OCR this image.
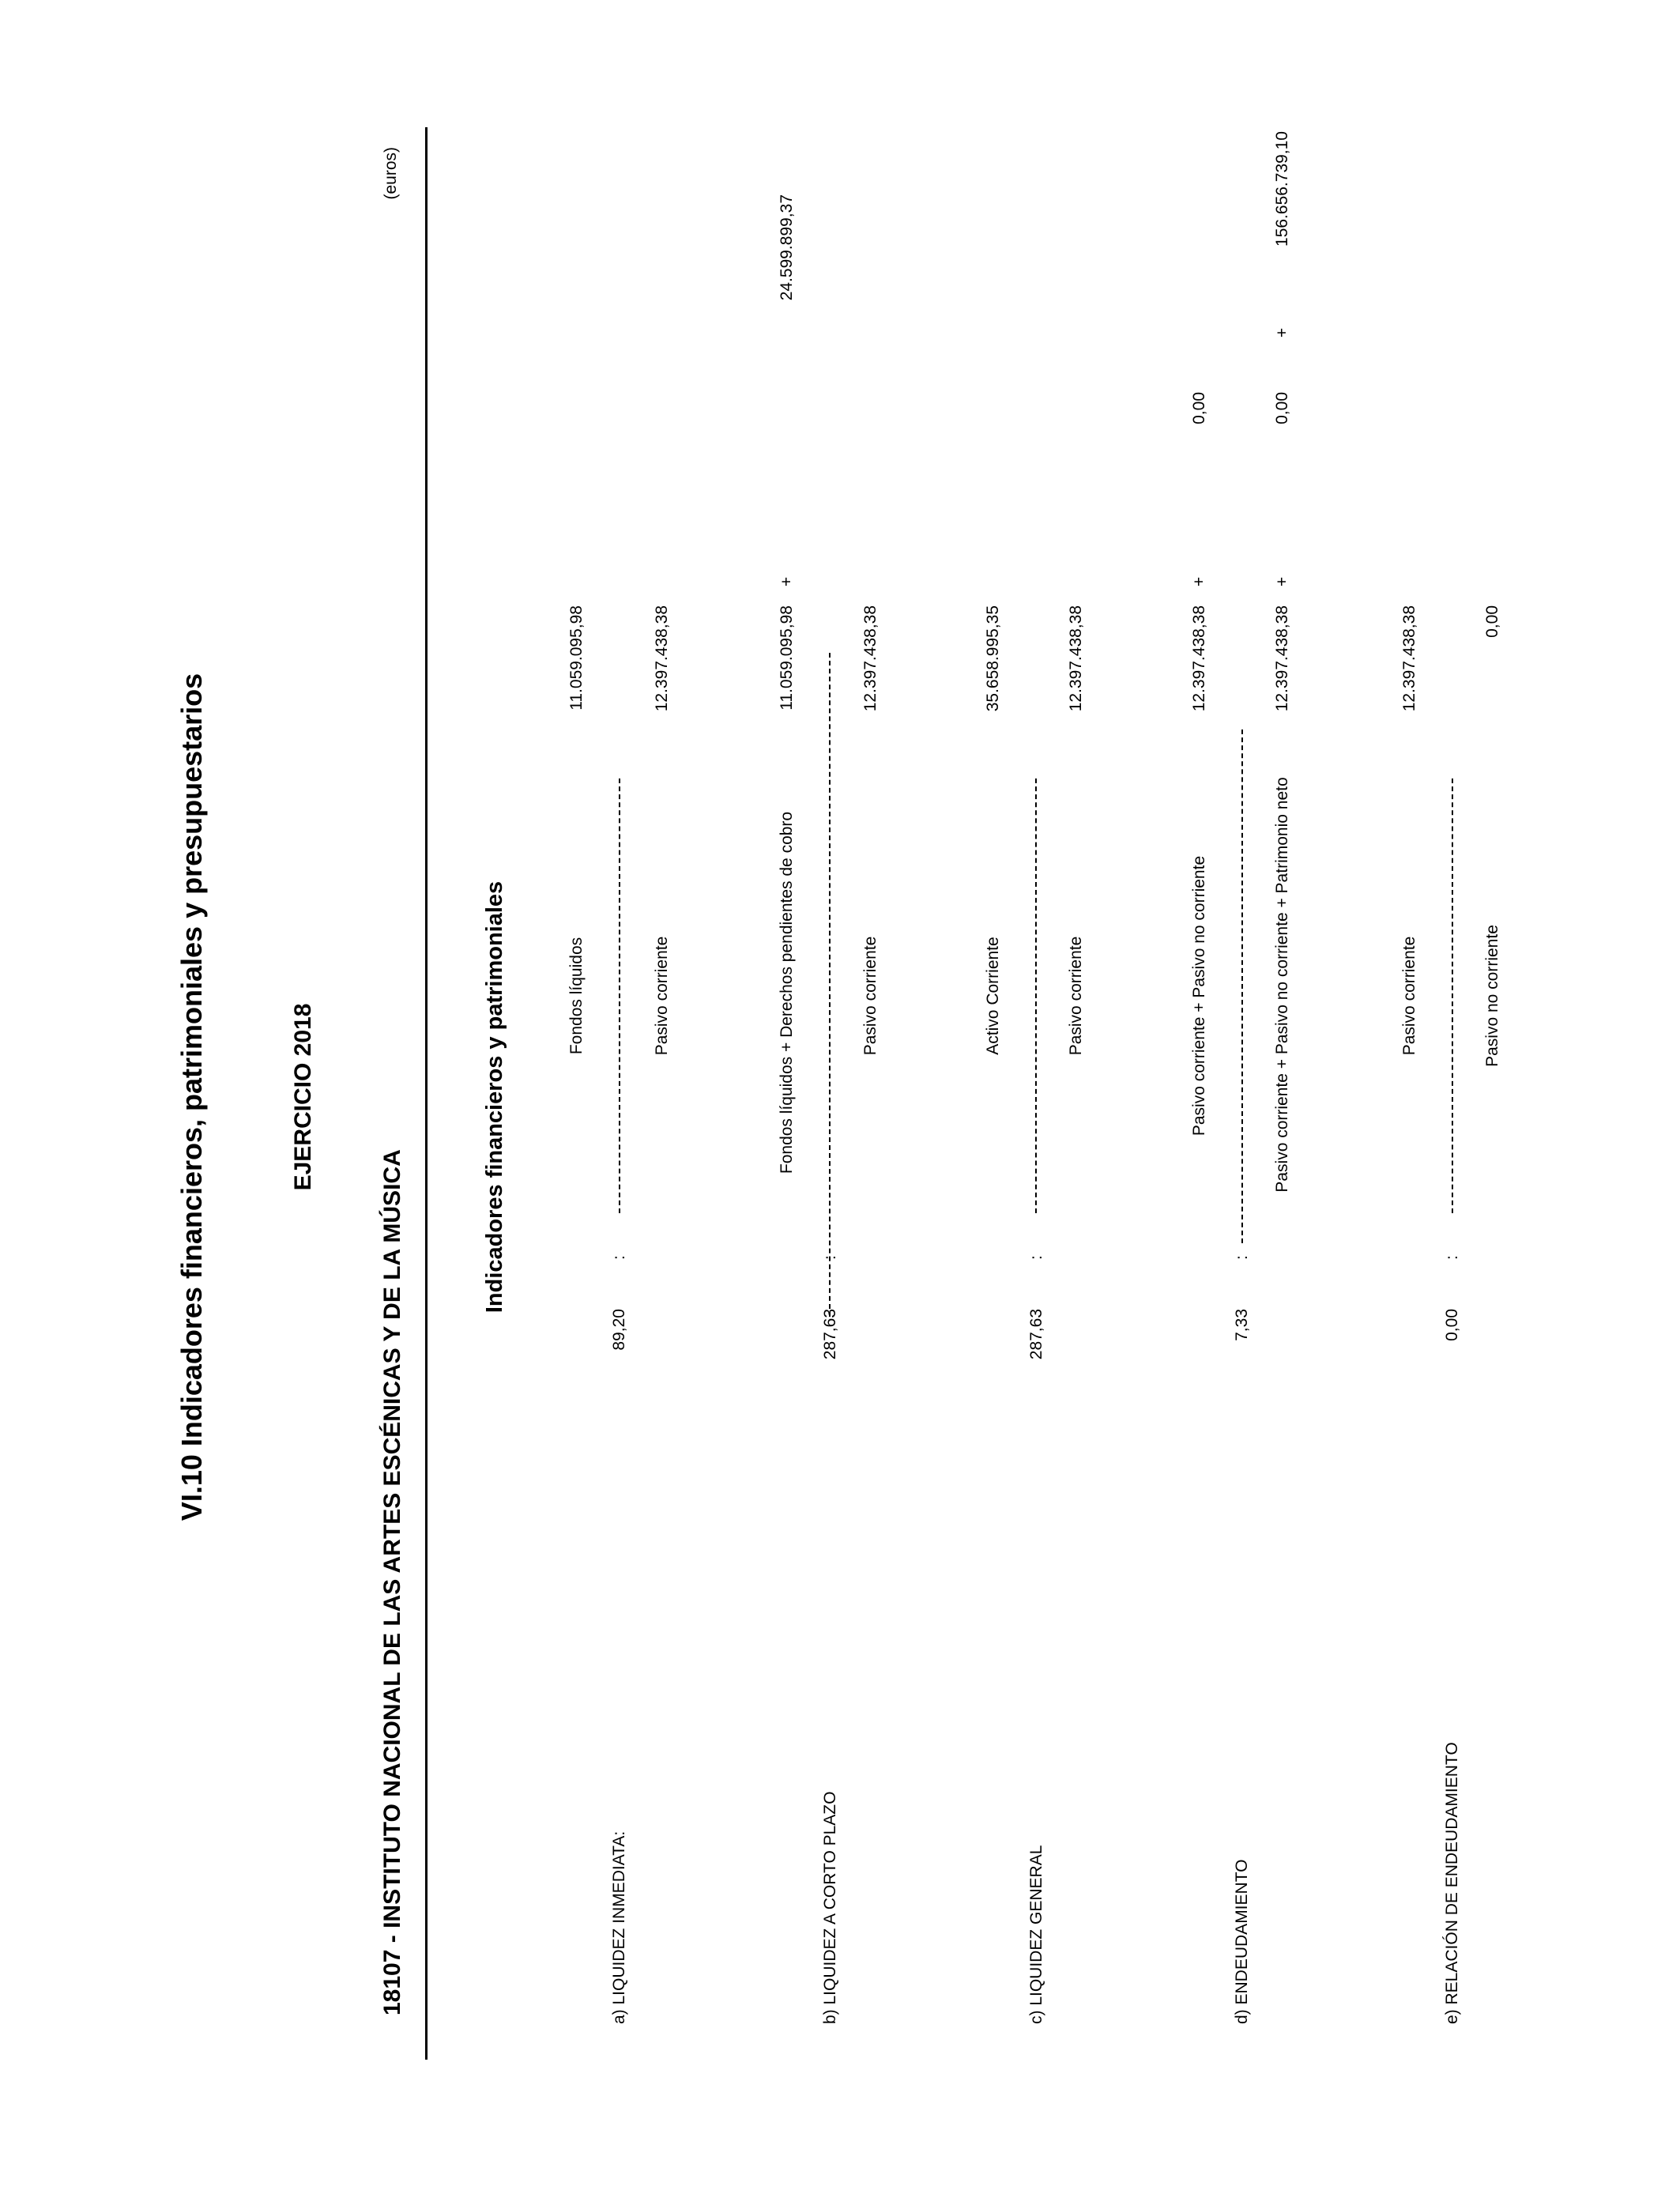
VI.10 Indicadores financieros, patrimoniales y presupuestarios	EJERCICIO 2018
18107 - INSTITUTO NACIONAL DE LAS ARTES ESCÉNICAS Y DE LA MÚSICA
(euros)
Indicadores financieros y patrimoniales
a) LIQUIDEZ INMEDIATA:
89,20
:
Fondos líquidos
11.059.095,98
Pasivo corriente
12.397.438,38
b) LIQUIDEZ A CORTO PLAZO
287,63
:
Fondos líquidos + Derechos pendientes de cobro
11.059.095,98
+
24.599.899,37
Pasivo corriente
12.397.438,38
c) LIQUIDEZ GENERAL
287,63
:
Activo Corriente
35.658.995,35
Pasivo corriente
12.397.438,38
d) ENDEUDAMIENTO
7,33
:
Pasivo corriente + Pasivo no corriente
12.397.438,38
+
0,00
Pasivo corriente + Pasivo no corriente + Patrimonio neto
12.397.438,38
+
0,00
+
156.656.739,10
e) RELACIÓN DE ENDEUDAMIENTO
0,00
:
Pasivo corriente
12.397.438,38
Pasivo no corriente
0,00
